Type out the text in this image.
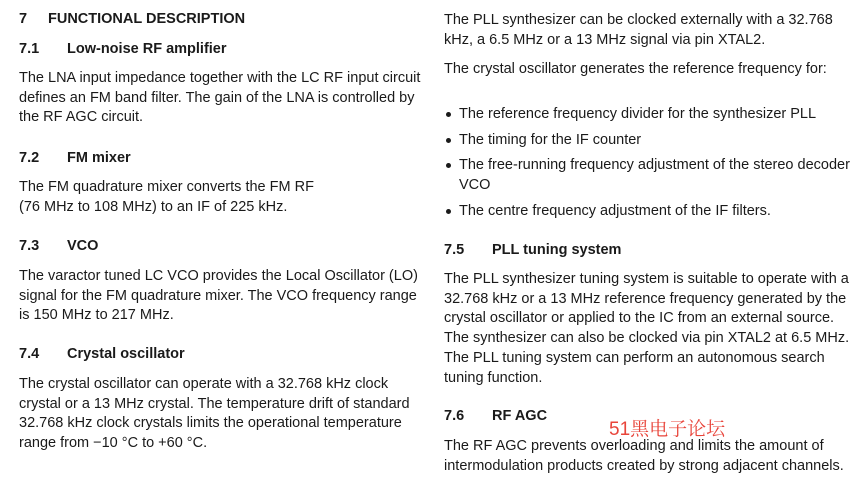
7 FUNCTIONAL DESCRIPTION
7.1 Low-noise RF amplifier
The LNA input impedance together with the LC RF input circuit defines an FM band filter. The gain of the LNA is controlled by the RF AGC circuit.
7.2 FM mixer
The FM quadrature mixer converts the FM RF
(76 MHz to 108 MHz) to an IF of 225 kHz.
7.3 VCO
The varactor tuned LC VCO provides the Local Oscillator (LO) signal for the FM quadrature mixer. The VCO frequency range is 150 MHz to 217 MHz.
7.4 Crystal oscillator
The crystal oscillator can operate with a 32.768 kHz clock crystal or a 13 MHz crystal. The temperature drift of standard 32.768 kHz clock crystals limits the operational temperature range from −10 °C to +60 °C.
The PLL synthesizer can be clocked externally with a 32.768 kHz, a 6.5 MHz or a 13 MHz signal via pin XTAL2.
The crystal oscillator generates the reference frequency for:
The reference frequency divider for the synthesizer PLL
The timing for the IF counter
The free-running frequency adjustment of the stereo decoder VCO
The centre frequency adjustment of the IF filters.
7.5 PLL tuning system
The PLL synthesizer tuning system is suitable to operate with a 32.768 kHz or a 13 MHz reference frequency generated by the crystal oscillator or applied to the IC from an external source. The synthesizer can also be clocked via pin XTAL2 at 6.5 MHz. The PLL tuning system can perform an autonomous search tuning function.
7.6 RF AGC
The RF AGC prevents overloading and limits the amount of intermodulation products created by strong adjacent channels.
51黑电子论坛
